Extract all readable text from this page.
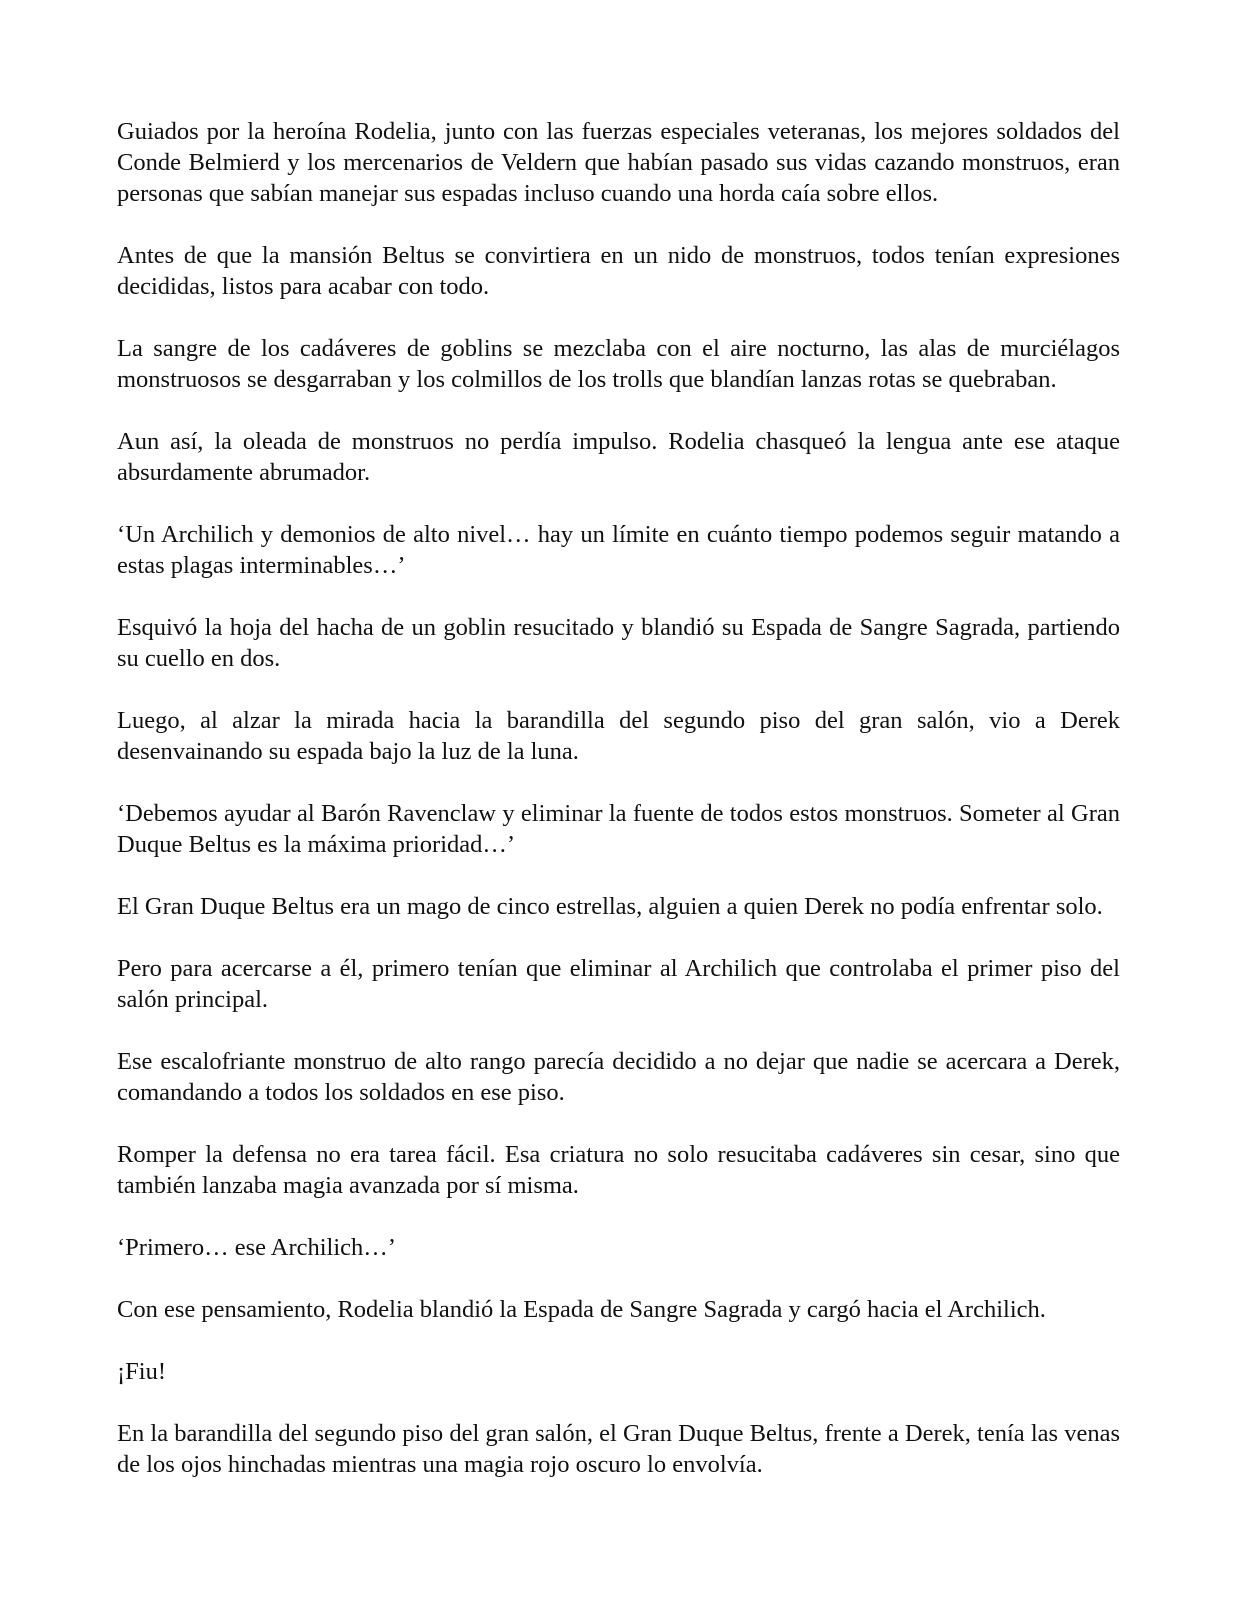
Guiados por la heroína Rodelia, junto con las fuerzas especiales veteranas, los mejores soldados del Conde Belmierd y los mercenarios de Veldern que habían pasado sus vidas cazando monstruos, eran personas que sabían manejar sus espadas incluso cuando una horda caía sobre ellos.

Antes de que la mansión Beltus se convirtiera en un nido de monstruos, todos tenían expresiones decididas, listos para acabar con todo.

La sangre de los cadáveres de goblins se mezclaba con el aire nocturno, las alas de murciélagos monstruosos se desgarraban y los colmillos de los trolls que blandían lanzas rotas se quebraban.

Aun así, la oleada de monstruos no perdía impulso. Rodelia chasqueó la lengua ante ese ataque absurdamente abrumador.

‘Un Archilich y demonios de alto nivel… hay un límite en cuánto tiempo podemos seguir matando a estas plagas interminables…’

Esquivó la hoja del hacha de un goblin resucitado y blandió su Espada de Sangre Sagrada, partiendo su cuello en dos.

Luego, al alzar la mirada hacia la barandilla del segundo piso del gran salón, vio a Derek desenvainando su espada bajo la luz de la luna.

‘Debemos ayudar al Barón Ravenclaw y eliminar la fuente de todos estos monstruos. Someter al Gran Duque Beltus es la máxima prioridad…’

El Gran Duque Beltus era un mago de cinco estrellas, alguien a quien Derek no podía enfrentar solo.

Pero para acercarse a él, primero tenían que eliminar al Archilich que controlaba el primer piso del salón principal.

Ese escalofriante monstruo de alto rango parecía decidido a no dejar que nadie se acercara a Derek, comandando a todos los soldados en ese piso.

Romper la defensa no era tarea fácil. Esa criatura no solo resucitaba cadáveres sin cesar, sino que también lanzaba magia avanzada por sí misma.

‘Primero… ese Archilich…’

Con ese pensamiento, Rodelia blandió la Espada de Sangre Sagrada y cargó hacia el Archilich.

¡Fiu!

En la barandilla del segundo piso del gran salón, el Gran Duque Beltus, frente a Derek, tenía las venas de los ojos hinchadas mientras una magia rojo oscuro lo envolvía.
